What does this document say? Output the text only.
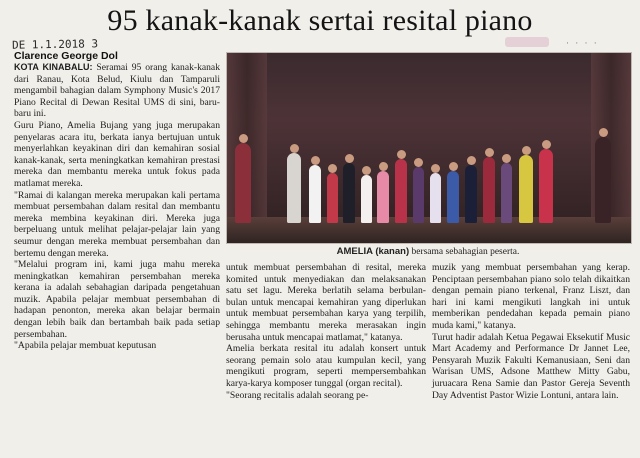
95 kanak-kanak sertai resital piano
DE 1.1.2018 3
Clarence George Dol
· · · ·

KOTA KINABALU: Seramai 95 orang kanak-kanak dari Ranau, Kota Belud, Kiulu dan Tamparuli mengambil bahagian dalam Symphony Music's 2017 Piano Recital di Dewan Resital UMS di sini, baru-baru ini.

Guru Piano, Amelia Bujang yang juga merupakan penyelaras acara itu, berkata ianya bertujuan untuk menyerlahkan keyakinan diri dan kemahiran sosial kanak-kanak, serta meningkatkan kemahiran prestasi mereka dan membantu mereka untuk fokus pada matlamat mereka.

"Ramai di kalangan mereka merupakan kali pertama membuat persembahan dalam resital dan membantu mereka membina keyakinan diri. Mereka juga berpeluang untuk melihat pelajar-pelajar lain yang seumur dengan mereka membuat persembahan dan bertemu dengan mereka.

"Melalui program ini, kami juga mahu mereka meningkatkan kemahiran persembahan mereka kerana ia adalah sebahagian daripada pengetahuan muzik. Apabila pelajar membuat persembahan di hadapan penonton, mereka akan belajar bermain dengan lebih baik dan bertambah baik pada setiap persembahan.

"Apabila pelajar membuat keputusan

AMELIA (kanan) bersama sebahagian peserta.

untuk membuat persembahan di resital, mereka komited untuk menyediakan dan melaksanakan satu set lagu. Mereka berlatih selama berbulan-bulan untuk mencapai kemahiran yang diperlukan untuk membuat persembahan karya yang terpilih, sehingga membantu mereka merasakan ingin berusaha untuk mencapai matlamat," katanya.

Amelia berkata resital itu adalah konsert untuk seorang pemain solo atau kumpulan kecil, yang mengikuti program, seperti mempersembahkan karya-karya komposer tunggal (organ recital).

"Seorang recitalis adalah seorang pe-

muzik yang membuat persembahan yang kerap. Penciptaan persembahan piano solo telah dikaitkan dengan pemain piano terkenal, Franz Liszt, dan hari ini kami mengikuti langkah ini untuk memberikan pendedahan kepada pemain piano muda kami," katanya.

Turut hadir adalah Ketua Pegawai Eksekutif Music Mart Academy and Performance Dr Jannet Lee, Pensyarah Muzik Fakulti Kemanusiaan, Seni dan Warisan UMS, Adsone Matthew Mitty Gabu, juruacara Rena Samie dan Pastor Gereja Seventh Day Adventist Pastor Wizie Lontuni, antara lain.
